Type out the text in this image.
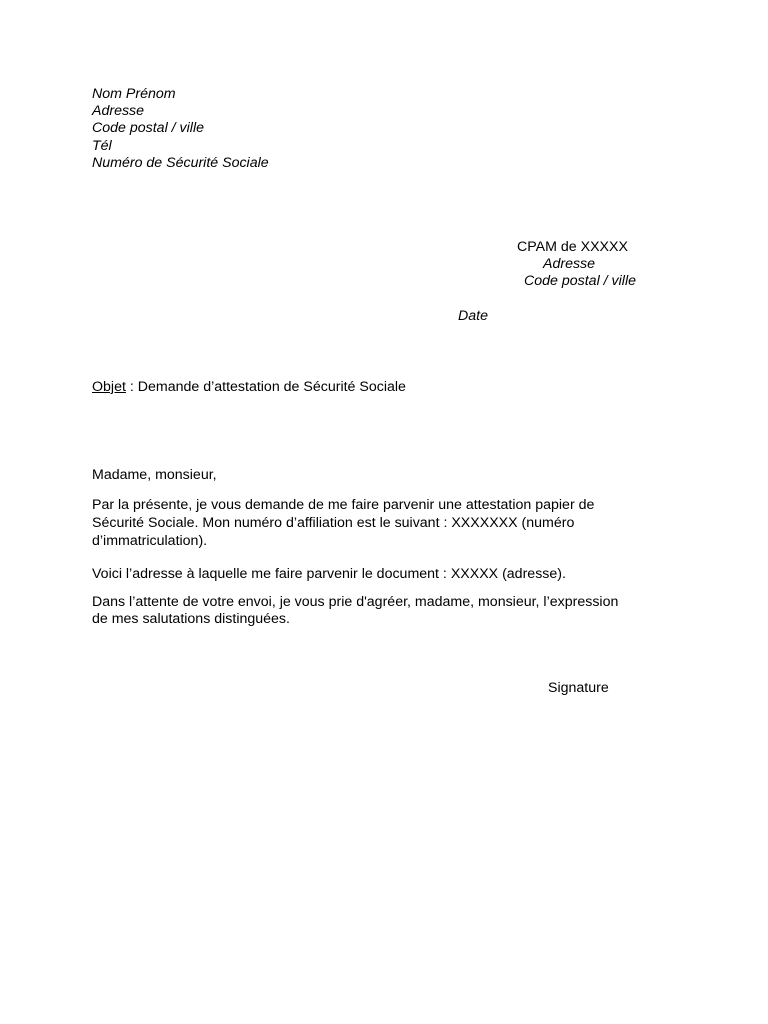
Nom Prénom
Adresse
Code postal / ville
Tél
Numéro de Sécurité Sociale
CPAM de XXXXX
Adresse
Code postal / ville
Date
Objet : Demande d’attestation de Sécurité Sociale
Madame, monsieur,
Par la présente, je vous demande de me faire parvenir une attestation papier de
Sécurité Sociale. Mon numéro d’affiliation est le suivant : XXXXXXX (numéro
d’immatriculation).
Voici l’adresse à laquelle me faire parvenir le document : XXXXX (adresse).
Dans l’attente de votre envoi, je vous prie d'agréer, madame, monsieur, l’expression
de mes salutations distinguées.
Signature
